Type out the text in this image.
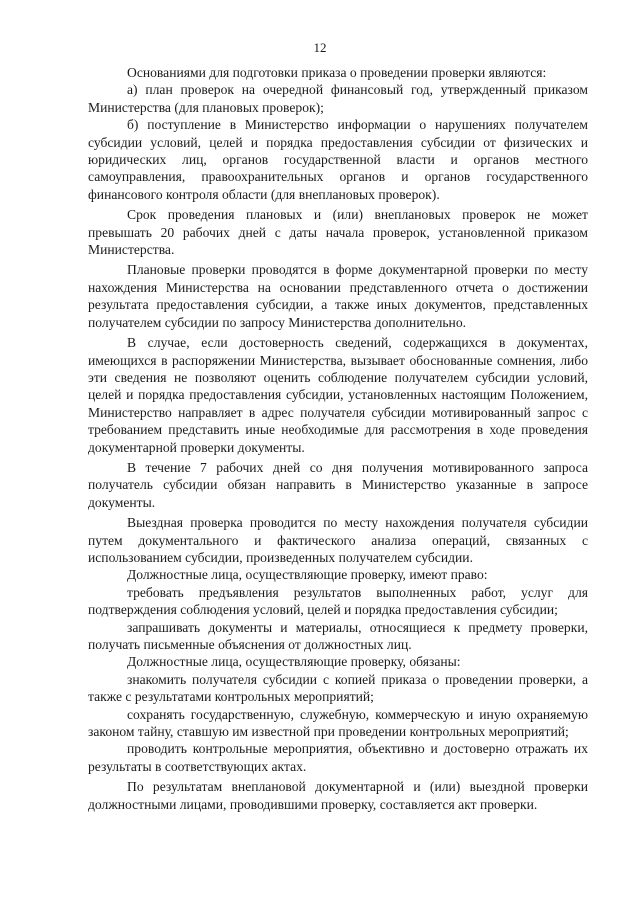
12

Основаниями для подготовки приказа о проведении проверки являются:

а) план проверок на очередной финансовый год, утвержденный приказом Министерства (для плановых проверок);

б) поступление в Министерство информации о нарушениях получателем субсидии условий, целей и порядка предоставления субсидии от физических и юридических лиц, органов государственной власти и органов местного самоуправления, правоохранительных органов и органов государственного финансового контроля области (для внеплановых проверок).

Срок проведения плановых и (или) внеплановых проверок не может превышать 20 рабочих дней с даты начала проверок, установленной приказом Министерства.

Плановые проверки проводятся в форме документарной проверки по месту нахождения Министерства на основании представленного отчета о достижении результата предоставления субсидии, а также иных документов, представленных получателем субсидии по запросу Министерства дополнительно.

В случае, если достоверность сведений, содержащихся в документах, имеющихся в распоряжении Министерства, вызывает обоснованные сомнения, либо эти сведения не позволяют оценить соблюдение получателем субсидии условий, целей и порядка предоставления субсидии, установленных настоящим Положением, Министерство направляет в адрес получателя субсидии мотивированный запрос с требованием представить иные необходимые для рассмотрения в ходе проведения документарной проверки документы.

В течение 7 рабочих дней со дня получения мотивированного запроса получатель субсидии обязан направить в Министерство указанные в запросе документы.

Выездная проверка проводится по месту нахождения получателя субсидии путем документального и фактического анализа операций, связанных с использованием субсидии, произведенных получателем субсидии.

Должностные лица, осуществляющие проверку, имеют право:

требовать предъявления результатов выполненных работ, услуг для подтверждения соблюдения условий, целей и порядка предоставления субсидии;

запрашивать документы и материалы, относящиеся к предмету проверки, получать письменные объяснения от должностных лиц.

Должностные лица, осуществляющие проверку, обязаны:

знакомить получателя субсидии с копией приказа о проведении проверки, а также с результатами контрольных мероприятий;

сохранять государственную, служебную, коммерческую и иную охраняемую законом тайну, ставшую им известной при проведении контрольных мероприятий;

проводить контрольные мероприятия, объективно и достоверно отражать их результаты в соответствующих актах.

По результатам внеплановой документарной и (или) выездной проверки должностными лицами, проводившими проверку, составляется акт проверки.
